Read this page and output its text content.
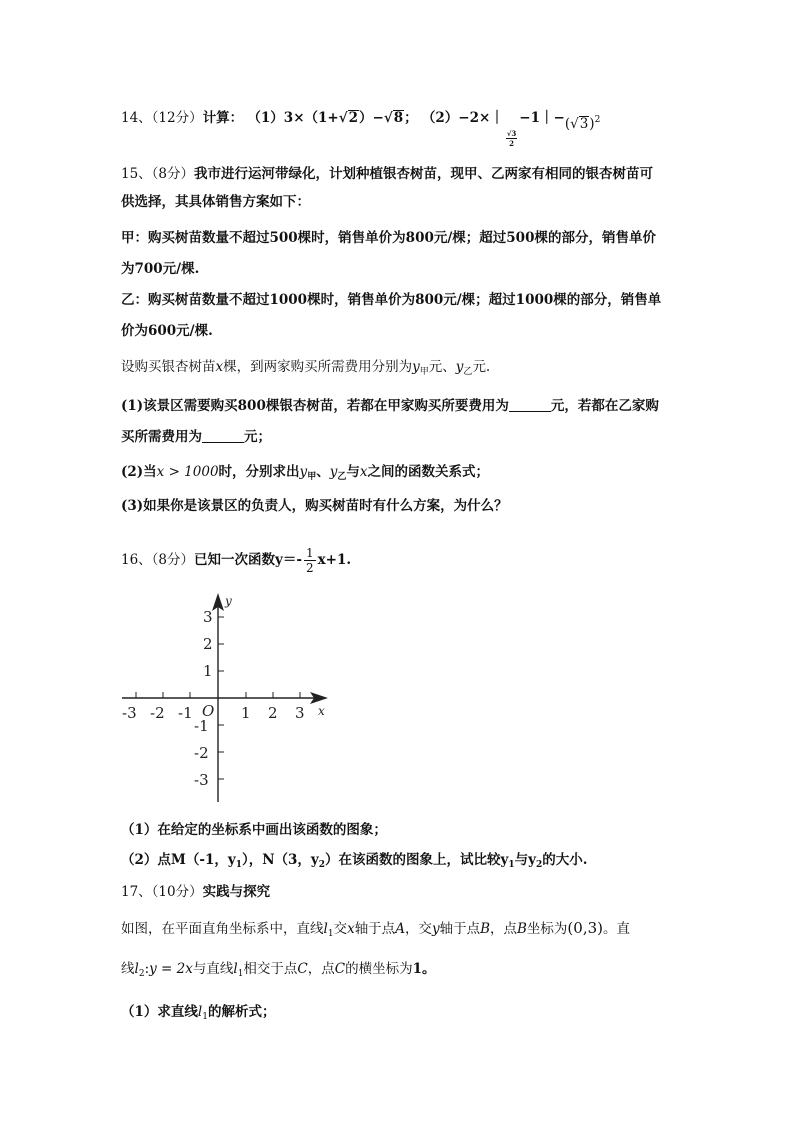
14、（12分）计算： （1）3×（1+√2）−√8； （2）−2×｜
$\frac{√3}{2}$
$-1|-(√3)^2$
15、（8分）我市进行运河带绿化，计划种植银杏树苗，现甲、乙两家有相同的银杏树苗可
供选择，其具体销售方案如下：
甲：购买树苗数量不超过500棵时，销售单价为800元/棵；超过500棵的部分，销售单价
为700元/棵.
乙：购买树苗数量不超过1000棵时，销售单价为800元/棵；超过1000棵的部分，销售单
价为600元/棵.
设购买银杏树苗x棵，到两家购买所需费用分别为$y_甲$元、$y_乙$元.
(1)该景区需要购买800棵银杏树苗，若都在甲家购买所要费用为	元，若都在乙家购
买所需费用为	元；
(2)当x > 1000时，分别求出$y_甲$、$y_乙$与x之间的函数关系式；
(3)如果你是该景区的负责人，购买树苗时有什么方案，为什么？
16、（8分）已知一次函数$y=- \frac{1}{2} x+1$.
-3 -2 -1 O 1 2 3 x
y
3
2
1
-1
-2
-3
（1）在给定的坐标系中画出该函数的图象；
（2）点M（-1，$y_1$），N（3，$y_2$）在该函数的图象上，试比较$y_1$与$y_2$的大小.
17、（10分）实践与探究
如图，在平面直角坐标系中，直线$l_1$交x轴于点A，交y轴于点B，点B坐标为(0,3)。直
线$l_2:y = 2x$与直线$l_1$相交于点C，点C的横坐标为1。
（1）求直线$l_1$的解析式；
